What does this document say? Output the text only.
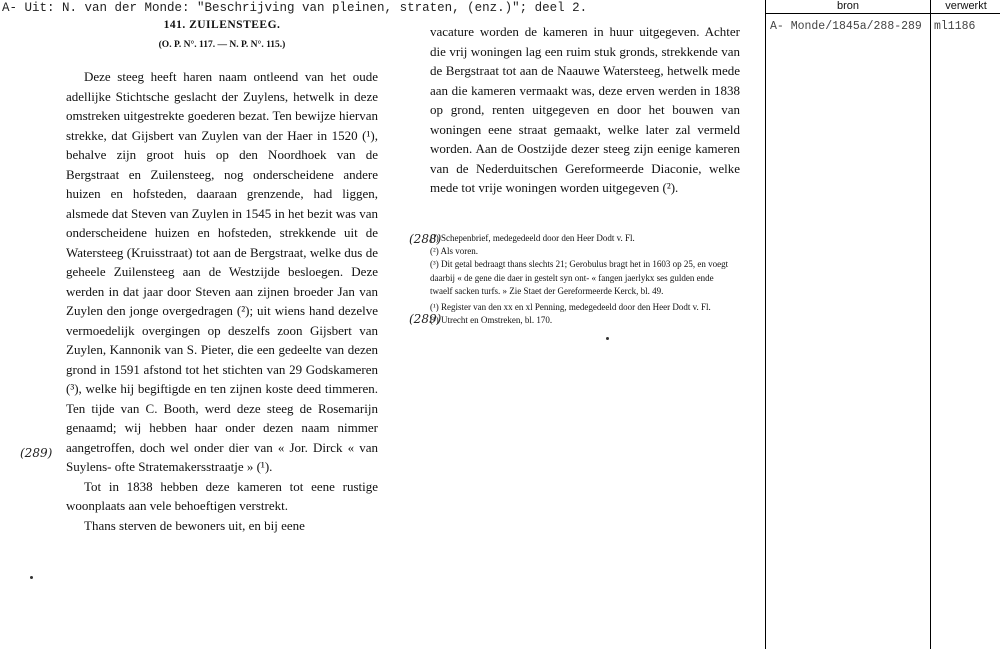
A- Uit: N. van der Monde: "Beschrijving van pleinen, straten, (enz.)"; deel 2.	bron	verwerkt
A- Monde/1845a/288-289 ml1186
141. ZUILENSTEEG.
(O. P. N°. 117. — N. P. N°. 115.)

Deze steeg heeft haren naam ontleend van het oude adellijke Stichtsche geslacht der Zuylens, hetwelk in deze omstreken uitgestrekte goederen bezat. Ten bewijze hiervan strekke, dat Gijsbert van Zuylen van der Haer in 1520 (¹), behalve zijn groot huis op den Noordhoek van de Bergstraat en Zuilensteeg, nog onderscheidene andere huizen en hofsteden, daaraan grenzende, had liggen, alsmede dat Steven van Zuylen in 1545 in het bezit was van onderscheidene huizen en hofsteden, strekkende uit de Watersteeg (Kruisstraat) tot aan de Bergstraat, welke dus de geheele Zuilensteeg aan de Westzijde besloegen. Deze werden in dat jaar door Steven aan zijnen broeder Jan van Zuylen den jonge overgedragen (²); uit wiens hand dezelve vermoedelijk overgingen op deszelfs zoon Gijsbert van Zuylen, Kannonik van S. Pieter, die een gedeelte van dezen grond in 1591 afstond tot het stichten van 29 Godskameren (³), welke hij begiftigde en ten zijnen koste deed timmeren. Ten tijde van C. Booth, werd deze steeg de Rosemarijn genaamd; wij hebben haar onder dezen naam nimmer aangetroffen, doch wel onder dier van « Jor. Dirck « van Suylens- ofte Stratemakersstraatje » (¹).

Tot in 1838 hebben deze kameren tot eene rustige woonplaats aan vele behoeftigen verstrekt.

Thans sterven de bewoners uit, en bij eene

vacature worden de kameren in huur uitgegeven. Achter die vrij woningen lag een ruim stuk gronds, strekkende van de Bergstraat tot aan de Naauwe Watersteeg, hetwelk mede aan die kameren vermaakt was, deze erven werden in 1838 op grond, renten uitgegeven en door het bouwen van woningen eene straat gemaakt, welke later zal vermeld worden. Aan de Oostzijde dezer steeg zijn eenige kameren van de Nederduitschen Gereformeerde Diaconie, welke mede tot vrije woningen worden uitgegeven (²).

(¹) Schepenbrief, medegedeeld door den Heer Dodt v. Fl.

(²) Als voren.

(³) Dit getal bedraagt thans slechts 21; Gerobulus bragt het in 1603 op 25, en voegt daarbij « de gene die daer in gestelt syn ont- « fangen jaerlykx ses gulden ende twaelf sacken turfs. » Zie Staet der Gereformeerde Kerck, bl. 49.

(¹) Register van den xx en xl Penning, medegedeeld door den Heer Dodt v. Fl.

(²) Utrecht en Omstreken, bl. 170.

(289)
(288)
(289)
